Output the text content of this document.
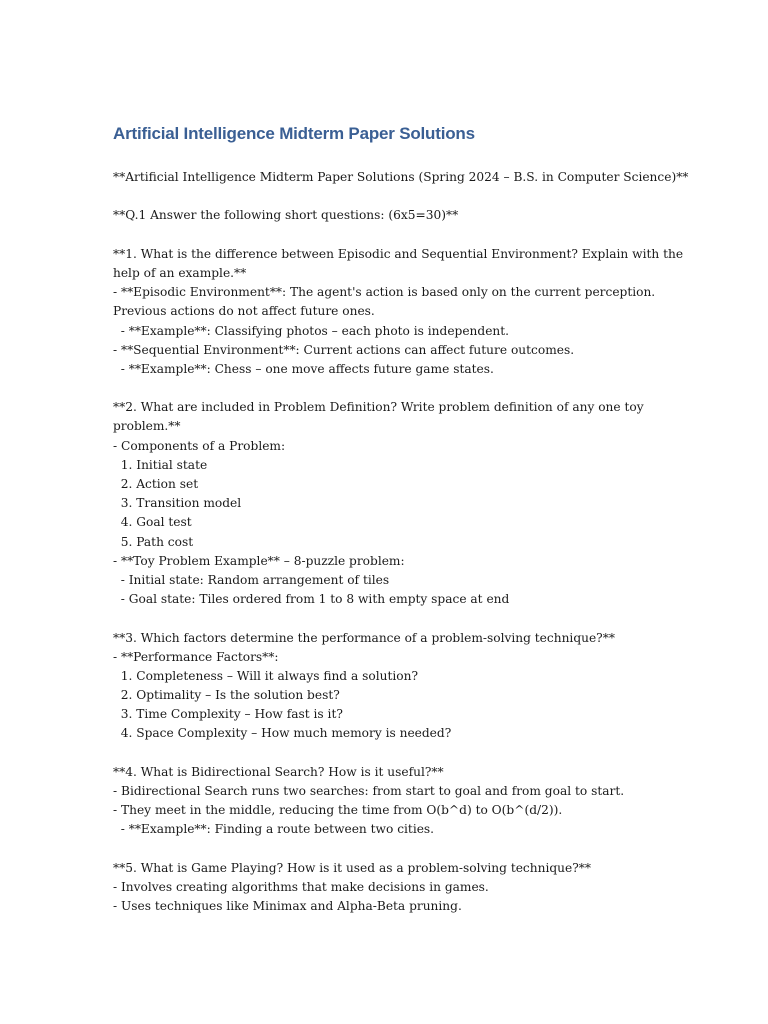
Artificial Intelligence Midterm Paper Solutions
**Artificial Intelligence Midterm Paper Solutions (Spring 2024 – B.S. in Computer Science)**
**Q.1 Answer the following short questions: (6x5=30)**
**1. What is the difference between Episodic and Sequential Environment? Explain with the
help of an example.**
- **Episodic Environment**: The agent's action is based only on the current perception.
Previous actions do not affect future ones.
- **Example**: Classifying photos – each photo is independent.
- **Sequential Environment**: Current actions can affect future outcomes.
- **Example**: Chess – one move affects future game states.
**2. What are included in Problem Definition? Write problem definition of any one toy
problem.**
- Components of a Problem:
1. Initial state
2. Action set
3. Transition model
4. Goal test
5. Path cost
- **Toy Problem Example** – 8-puzzle problem:
- Initial state: Random arrangement of tiles
- Goal state: Tiles ordered from 1 to 8 with empty space at end
**3. Which factors determine the performance of a problem-solving technique?**
- **Performance Factors**:
1. Completeness – Will it always find a solution?
2. Optimality – Is the solution best?
3. Time Complexity – How fast is it?
4. Space Complexity – How much memory is needed?
**4. What is Bidirectional Search? How is it useful?**
- Bidirectional Search runs two searches: from start to goal and from goal to start.
- They meet in the middle, reducing the time from O(b^d) to O(b^(d/2)).
- **Example**: Finding a route between two cities.
**5. What is Game Playing? How is it used as a problem-solving technique?**
- Involves creating algorithms that make decisions in games.
- Uses techniques like Minimax and Alpha-Beta pruning.
